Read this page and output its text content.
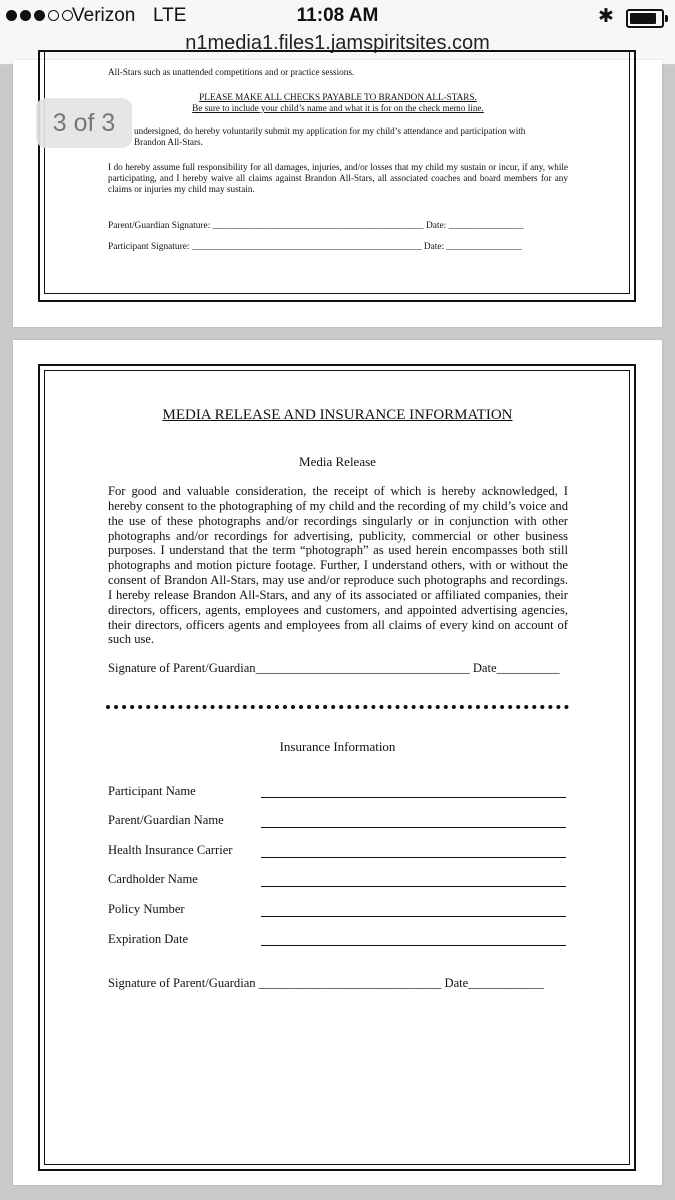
Verizon LTE	11:08 AM	✱
n1media1.files1.jamspiritsites.com
All-Stars such as unattended competitions and or practice sessions.
PLEASE MAKE ALL CHECKS PAYABLE TO BRANDON ALL-STARS.
Be sure to include your child’s name and what it is for on the check memo line.
undersigned, do hereby voluntarily submit my application for my child’s attendance and participation with
Brandon All-Stars.
I do hereby assume full responsibility for all damages, injuries, and/or losses that my child my sustain or incur, if any, while participating, and I hereby waive all claims against Brandon All-Stars, all associated coaches and board members for any claims or injuries my child may sustain.
Parent/Guardian Signature: _____________________________________________ Date: ________________
Participant Signature: _________________________________________________ Date: ________________
3 of 3
MEDIA RELEASE AND INSURANCE INFORMATION
Media Release
For good and valuable consideration, the receipt of which is hereby acknowledged, I hereby consent to the photographing of my child and the recording of my child’s voice and the use of these photographs and/or recordings singularly or in conjunction with other photographs and/or recordings for advertising, publicity, commercial or other business purposes. I understand that the term “photograph” as used herein encompasses both still photographs and motion picture footage. Further, I understand others, with or without the consent of Brandon All-Stars, may use and/or reproduce such photographs and recordings. I hereby release Brandon All-Stars, and any of its associated or affiliated companies, their directors, officers, agents, employees and customers, and appointed advertising agencies, their directors, officers agents and employees from all claims of every kind on account of such use.
Signature of Parent/Guardian__________________________________ Date__________
Insurance Information
Participant Name
Parent/Guardian Name
Health Insurance Carrier
Cardholder Name
Policy Number
Expiration Date
Signature of Parent/Guardian _____________________________ Date____________
